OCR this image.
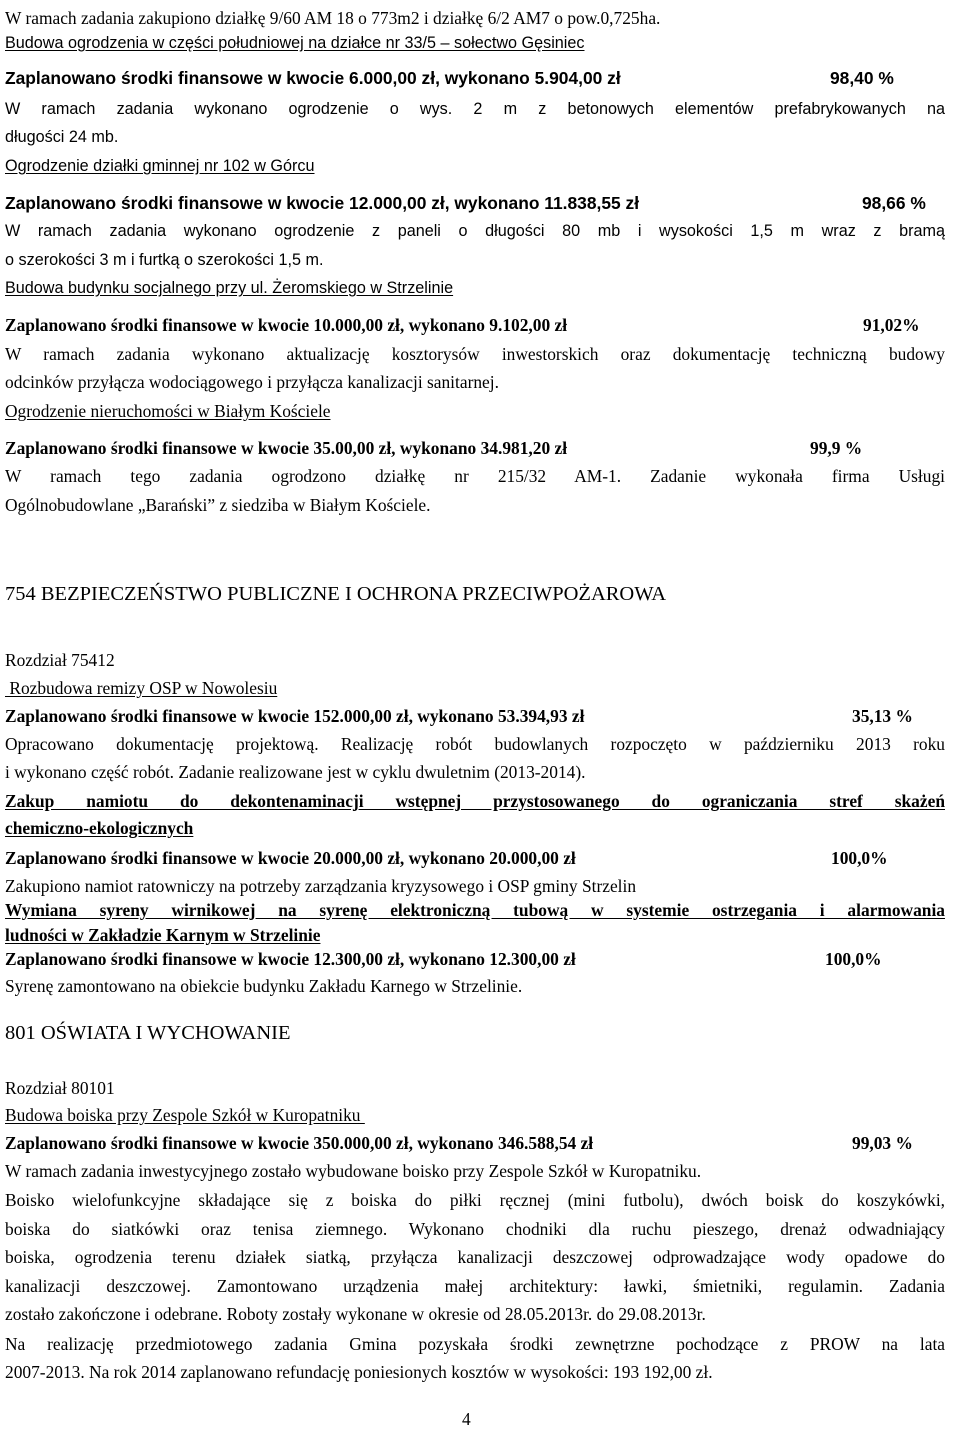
W ramach zadania zakupiono działkę 9/60 AM 18 o 773m2 i działkę 6/2 AM7 o pow.0,725ha.
Budowa ogrodzenia w części południowej na działce nr 33/5 – sołectwo Gęsiniec
Zaplanowano środki finansowe w kwocie 6.000,00 zł, wykonano 5.904,00 zł	98,40 %
W ramach zadania wykonano ogrodzenie o wys. 2 m z betonowych elementów prefabrykowanych na
długości 24 mb.
Ogrodzenie działki gminnej nr 102 w Górcu
Zaplanowano środki finansowe w kwocie 12.000,00 zł, wykonano 11.838,55 zł	98,66 %
W ramach zadania wykonano ogrodzenie z paneli o długości 80 mb i wysokości 1,5 m wraz z bramą
o szerokości 3 m i furtką o szerokości 1,5 m.
Budowa budynku socjalnego przy ul. Żeromskiego w Strzelinie
Zaplanowano środki finansowe w kwocie 10.000,00 zł, wykonano 9.102,00 zł	91,02%
W ramach zadania wykonano aktualizację kosztorysów inwestorskich oraz dokumentację techniczną budowy
odcinków przyłącza wodociągowego i przyłącza kanalizacji sanitarnej.
Ogrodzenie nieruchomości w Białym Kościele
Zaplanowano środki finansowe w kwocie 35.00,00 zł, wykonano 34.981,20 zł	99,9 %
W ramach tego zadania ogrodzono działkę nr 215/32 AM-1. Zadanie wykonała firma Usługi
Ogólnobudowlane „Barański” z siedziba w Białym Kościele.
754 BEZPIECZEŃSTWO PUBLICZNE I OCHRONA PRZECIWPOŻAROWA
Rozdział 75412
Rozbudowa remizy OSP w Nowolesiu
Zaplanowano środki finansowe w kwocie 152.000,00 zł, wykonano 53.394,93 zł	35,13 %
Opracowano dokumentację projektową. Realizację robót budowlanych rozpoczęto w październiku 2013 roku
i wykonano część robót. Zadanie realizowane jest w cyklu dwuletnim (2013-2014).
Zakup namiotu do dekontenaminacji wstępnej przystosowanego do ograniczania stref skażeń
chemiczno-ekologicznych
Zaplanowano środki finansowe w kwocie 20.000,00 zł, wykonano 20.000,00 zł	100,0%
Zakupiono namiot ratowniczy na potrzeby zarządzania kryzysowego i OSP gminy Strzelin
Wymiana syreny wirnikowej na syrenę elektroniczną tubową w systemie ostrzegania i alarmowania
ludności w Zakładzie Karnym w Strzelinie
Zaplanowano środki finansowe w kwocie 12.300,00 zł, wykonano 12.300,00 zł	100,0%
Syrenę zamontowano na obiekcie budynku Zakładu Karnego w Strzelinie.
801 OŚWIATA I WYCHOWANIE
Rozdział 80101
Budowa boiska przy Zespole Szkół w Kuropatniku
Zaplanowano środki finansowe w kwocie 350.000,00 zł, wykonano 346.588,54 zł	99,03 %
W ramach zadania inwestycyjnego zostało wybudowane boisko przy Zespole Szkół w Kuropatniku.
Boisko wielofunkcyjne składające się z boiska do piłki ręcznej (mini futbolu), dwóch boisk do koszykówki,
boiska do siatkówki oraz tenisa ziemnego. Wykonano chodniki dla ruchu pieszego, drenaż odwadniający
boiska, ogrodzenia terenu działek siatką, przyłącza kanalizacji deszczowej odprowadzające wody opadowe do
kanalizacji deszczowej. Zamontowano urządzenia małej architektury: ławki, śmietniki, regulamin. Zadania
zostało zakończone i odebrane. Roboty zostały wykonane w okresie od 28.05.2013r. do 29.08.2013r.
Na realizację przedmiotowego zadania Gmina pozyskała środki zewnętrzne pochodzące z PROW na lata
2007-2013. Na rok 2014 zaplanowano refundację poniesionych kosztów w wysokości: 193 192,00 zł.
4
